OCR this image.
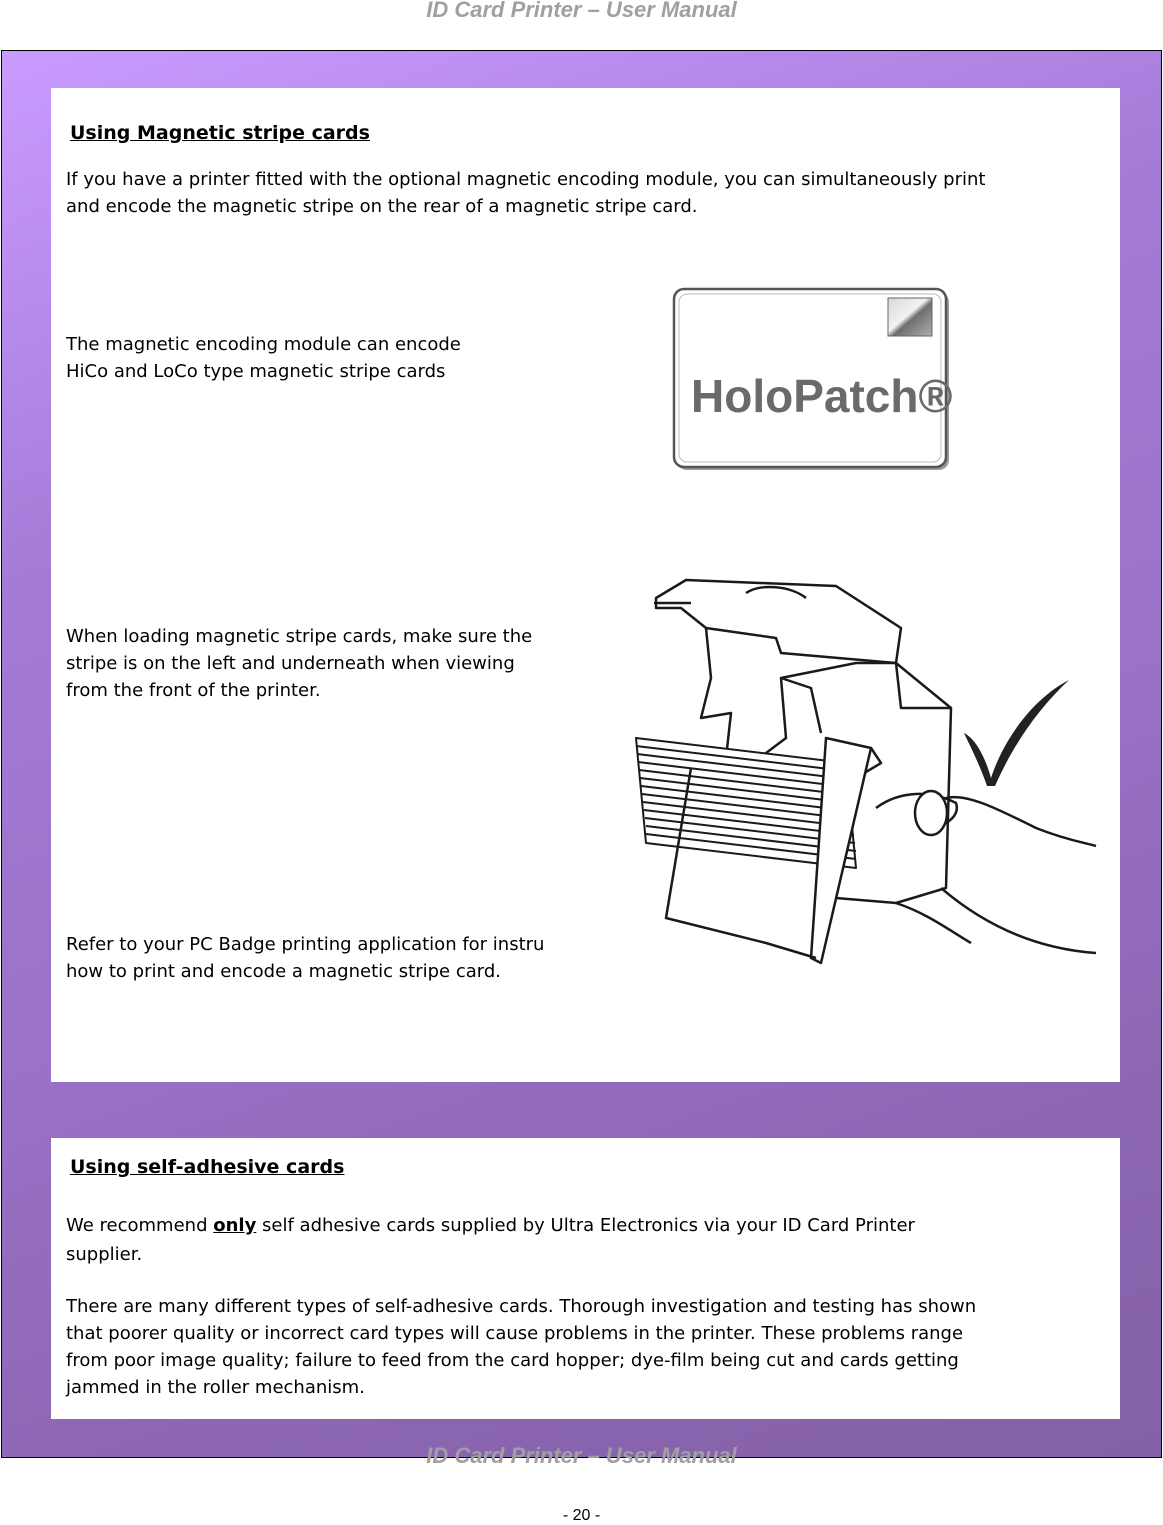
ID Card Printer – User Manual
Using Magnetic stripe cards

If you have a printer fitted with the optional magnetic encoding module, you can simultaneously print

and encode the magnetic stripe on the rear of a magnetic stripe card.

The magnetic encoding module can encode

HiCo and LoCo type magnetic stripe cards	HoloPatch®

When loading magnetic stripe cards, make sure the

stripe is on the left and underneath when viewing

from the front of the printer.

Refer to your PC Badge printing application for instru

how to print and encode a magnetic stripe card.

Using self-adhesive cards

We recommend only self adhesive cards supplied by Ultra Electronics via your ID Card Printer

supplier.

There are many different types of self-adhesive cards. Thorough investigation and testing has shown

that poorer quality or incorrect card types will cause problems in the printer. These problems range

from poor image quality; failure to feed from the card hopper; dye-film being cut and cards getting

jammed in the roller mechanism.

ID Card Printer – User Manual
- 20 -
